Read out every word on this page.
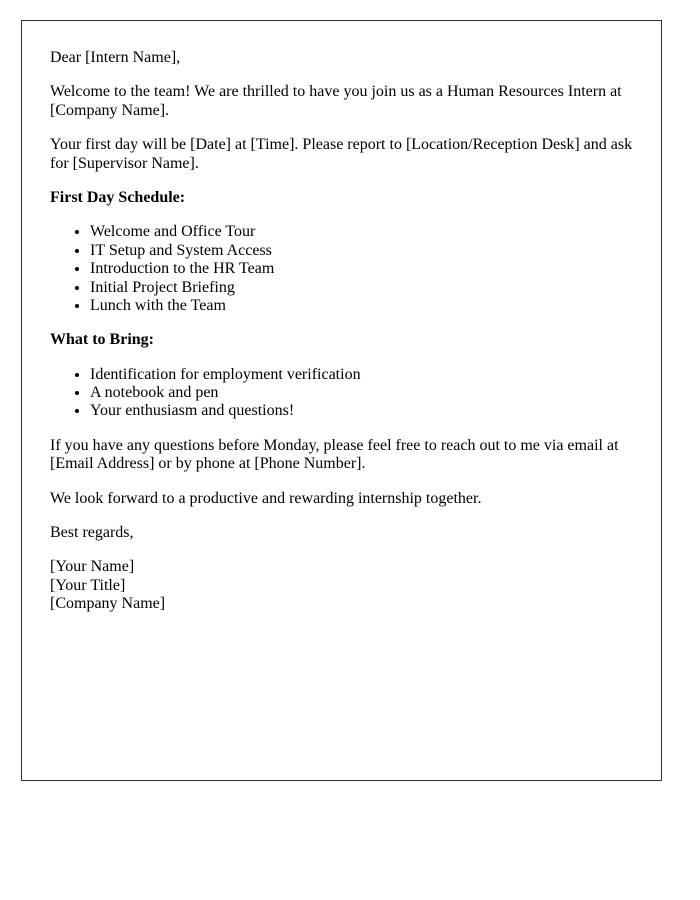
Dear [Intern Name],

Welcome to the team! We are thrilled to have you join us as a Human Resources Intern at [Company Name].

Your first day will be [Date] at [Time]. Please report to [Location/Reception Desk] and ask for [Supervisor Name].

First Day Schedule:

• Welcome and Office Tour
• IT Setup and System Access
• Introduction to the HR Team
• Initial Project Briefing
• Lunch with the Team

What to Bring:

• Identification for employment verification
• A notebook and pen
• Your enthusiasm and questions!

If you have any questions before Monday, please feel free to reach out to me via email at [Email Address] or by phone at [Phone Number].

We look forward to a productive and rewarding internship together.

Best regards,

[Your Name]
[Your Title]
[Company Name]
